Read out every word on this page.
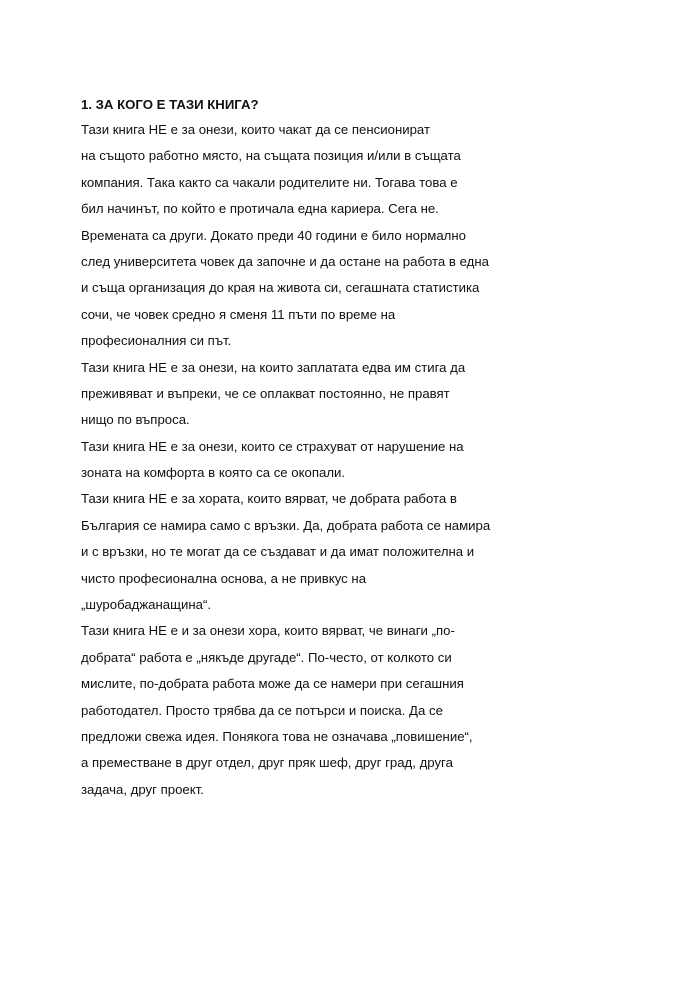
1. ЗА КОГО Е ТАЗИ КНИГА?
Тази книга НЕ е за онези, които чакат да се пенсионират
на същото работно място, на същата позиция и/или в същата
компания. Така както са чакали родителите ни. Тогава това е
бил начинът, по който е протичала една кариера. Сега не.
Времената са други. Докато преди 40 години е било нормално
след университета човек да започне и да остане на работа в една
и съща организация до края на живота си, сегашната статистика
сочи, че човек средно я сменя 11 пъти по време на
професионалния си път.
Тази книга НЕ е за онези, на които заплатата едва им стига да
преживяват и въпреки, че се оплакват постоянно, не правят
нищо по въпроса.
Тази книга НЕ е за онези, които се страхуват от нарушение на
зоната на комфорта в която са се окопали.
Тази книга НЕ е за хората, които вярват, че добрата работа в
България се намира само с връзки. Да, добрата работа се намира
и с връзки, но те могат да се създават и да имат положителна и
чисто професионална основа, а не привкус на
„шуробаджанащина“.
Тази книга НЕ е и за онези хора, които вярват, че винаги „по-
добрата“ работа е „някъде другаде“. По-често, от колкото си
мислите, по-добрата работа може да се намери при сегашния
работодател. Просто трябва да се потърси и поиска. Да се
предложи свежа идея. Понякога това не означава „повишение“,
а преместване в друг отдел, друг пряк шеф, друг град, друга
задача, друг проект.
